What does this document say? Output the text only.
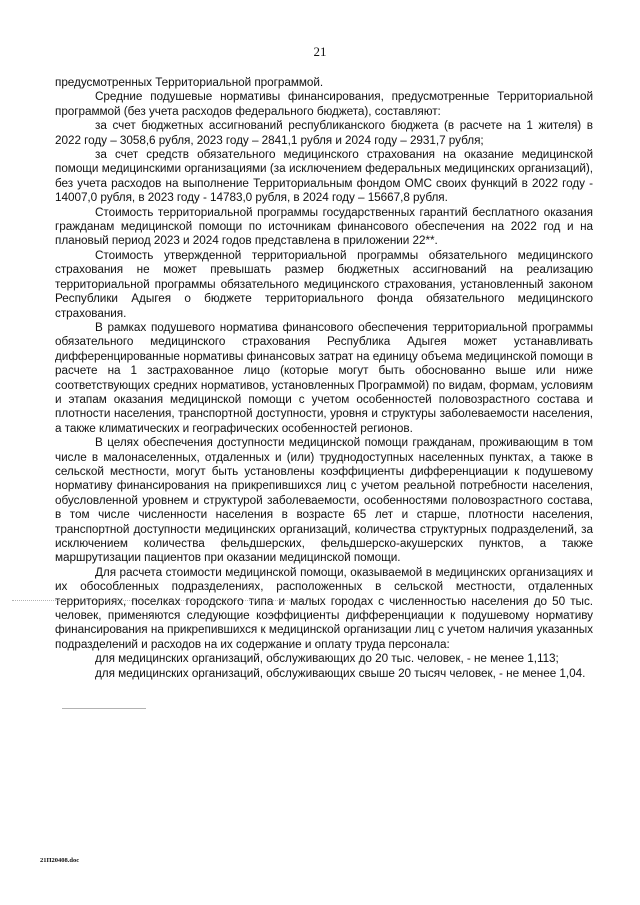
21

предусмотренных Территориальной программой.

Средние подушевые нормативы финансирования, предусмотренные Территориальной программой (без учета расходов федерального бюджета), составляют:

за счет бюджетных ассигнований республиканского бюджета (в расчете на 1 жителя) в 2022 году – 3058,6 рубля, 2023 году – 2841,1 рубля и 2024 году – 2931,7 рубля;

за счет средств обязательного медицинского страхования на оказание медицинской помощи медицинскими организациями (за исключением федеральных медицинских организаций), без учета расходов на выполнение Территориальным фондом ОМС своих функций в 2022 году - 14007,0 рубля, в 2023 году - 14783,0 рубля, в 2024 году – 15667,8 рубля.

Стоимость территориальной программы государственных гарантий бесплатного оказания гражданам медицинской помощи по источникам финансового обеспечения на 2022 год и на плановый период 2023 и 2024 годов представлена в приложении 22**.

Стоимость утвержденной территориальной программы обязательного медицинского страхования не может превышать размер бюджетных ассигнований на реализацию территориальной программы обязательного медицинского страхования, установленный законом Республики Адыгея о бюджете территориального фонда обязательного медицинского страхования.

В рамках подушевого норматива финансового обеспечения территориальной программы обязательного медицинского страхования Республика Адыгея может устанавливать дифференцированные нормативы финансовых затрат на единицу объема медицинской помощи в расчете на 1 застрахованное лицо (которые могут быть обоснованно выше или ниже соответствующих средних нормативов, установленных Программой) по видам, формам, условиям и этапам оказания медицинской помощи с учетом особенностей половозрастного состава и плотности населения, транспортной доступности, уровня и структуры заболеваемости населения, а также климатических и географических особенностей регионов.

В целях обеспечения доступности медицинской помощи гражданам, проживающим в том числе в малонаселенных, отдаленных и (или) труднодоступных населенных пунктах, а также в сельской местности, могут быть установлены коэффициенты дифференциации к подушевому нормативу финансирования на прикрепившихся лиц с учетом реальной потребности населения, обусловленной уровнем и структурой заболеваемости, особенностями половозрастного состава, в том числе численности населения в возрасте 65 лет и старше, плотности населения, транспортной доступности медицинских организаций, количества структурных подразделений, за исключением количества фельдшерских, фельдшерско-акушерских пунктов, а также маршрутизации пациентов при оказании медицинской помощи.

Для расчета стоимости медицинской помощи, оказываемой в медицинских организациях и их обособленных подразделениях, расположенных в сельской местности, отдаленных территориях, поселках городского типа и малых городах с численностью населения до 50 тыс. человек, применяются следующие коэффициенты дифференциации к подушевому нормативу финансирования на прикрепившихся к медицинской организации лиц с учетом наличия указанных подразделений и расходов на их содержание и оплату труда персонала:

для медицинских организаций, обслуживающих до 20 тыс. человек, - не менее 1,113;

для медицинских организаций, обслуживающих свыше 20 тысяч человек, - не менее 1,04.

21П20408.doc
